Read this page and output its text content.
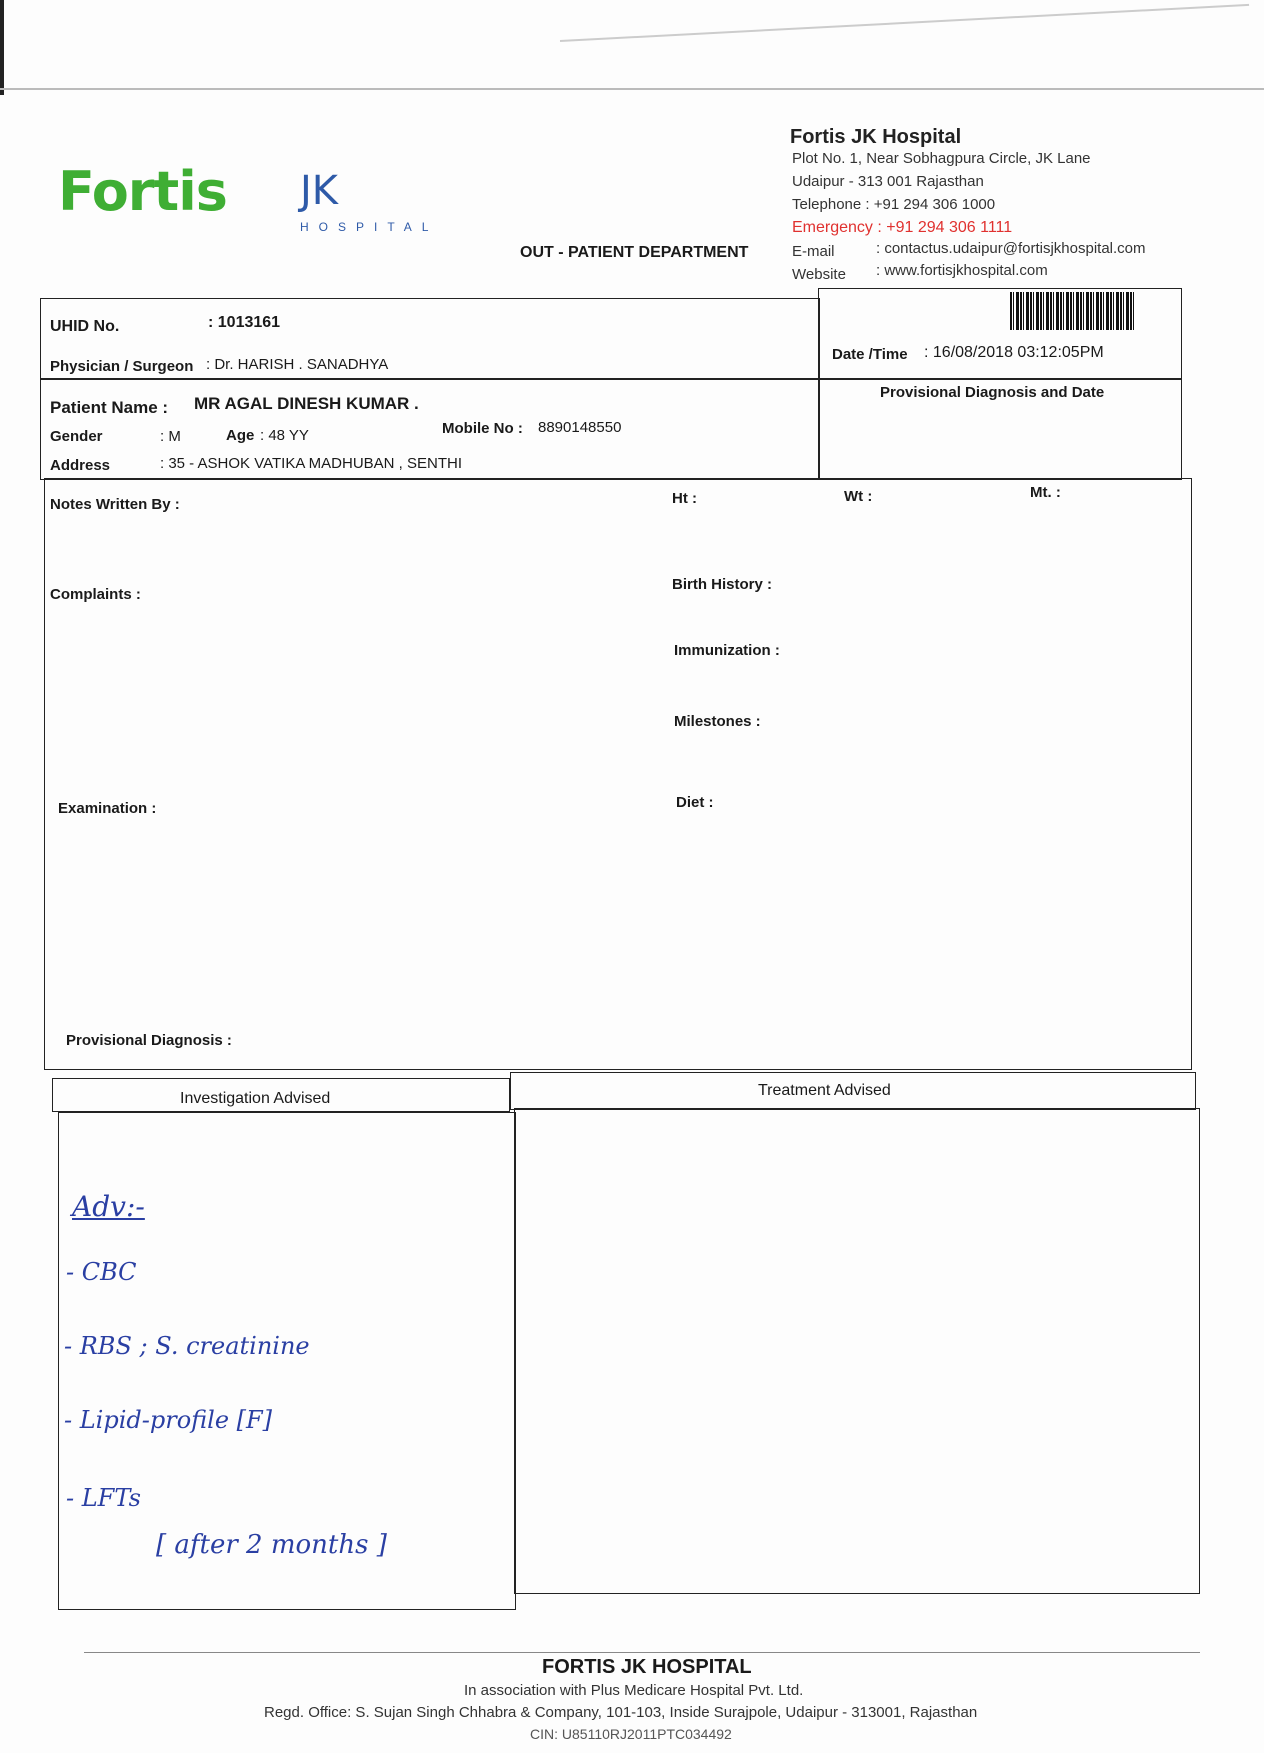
Fortis JK
HOSPITAL
Fortis JK Hospital
Plot No. 1, Near Sobhagpura Circle, JK Lane
Udaipur - 313 001 Rajasthan
Telephone : +91 294 306 1000
Emergency : +91 294 306 1111
E-mail	: contactus.udaipur@fortisjkhospital.com
Website : www.fortisjkhospital.com
OUT - PATIENT DEPARTMENT
UHID No.	: 1013161
Physician / Surgeon : Dr. HARISH . SANADHYA
Date /Time : 16/08/2018 03:12:05PM
Patient Name : MR AGAL DINESH KUMAR .
Gender	: M	Age : 48 YY	Mobile No : 8890148550
Address	: 35 - ASHOK VATIKA MADHUBAN , SENTHI
Provisional Diagnosis and Date
Notes Written By :	Ht :	Wt :	Mt. :
Complaints :
Birth History :
Immunization :
Milestones :
Examination :	Diet :
Provisional Diagnosis :
Investigation Advised	Treatment Advised
Adv:-
- CBC
- RBS ; S. creatinine
- Lipid-profile [F]
- LFTs
[ after 2 months ]
FORTIS JK HOSPITAL
In association with Plus Medicare Hospital Pvt. Ltd.
Regd. Office: S. Sujan Singh Chhabra & Company, 101-103, Inside Surajpole, Udaipur - 313001, Rajasthan
CIN: U85110RJ2011PTC034492
